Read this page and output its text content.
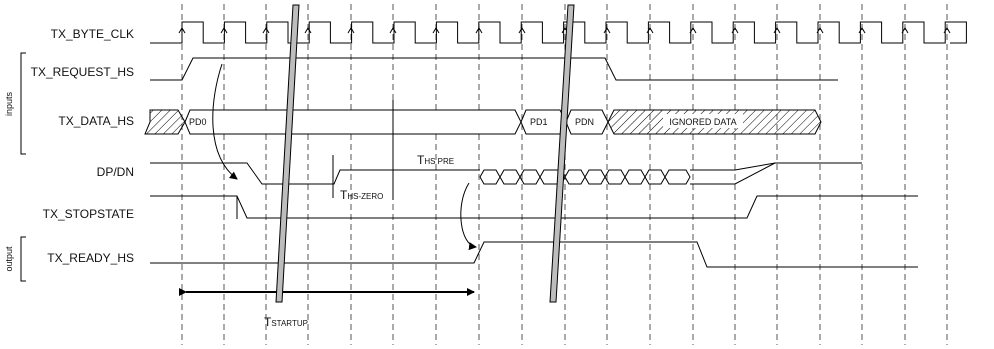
TX_BYTE_CLK
TX_REQUEST_HS
TX_DATA_HS
DP/DN
TX_STOPSTATE
TX_READY_HS
inputs
output
PD0	PD1	PDN	IGNORED DATA
THS-ZERO
THS PRE
TSTARTUP
